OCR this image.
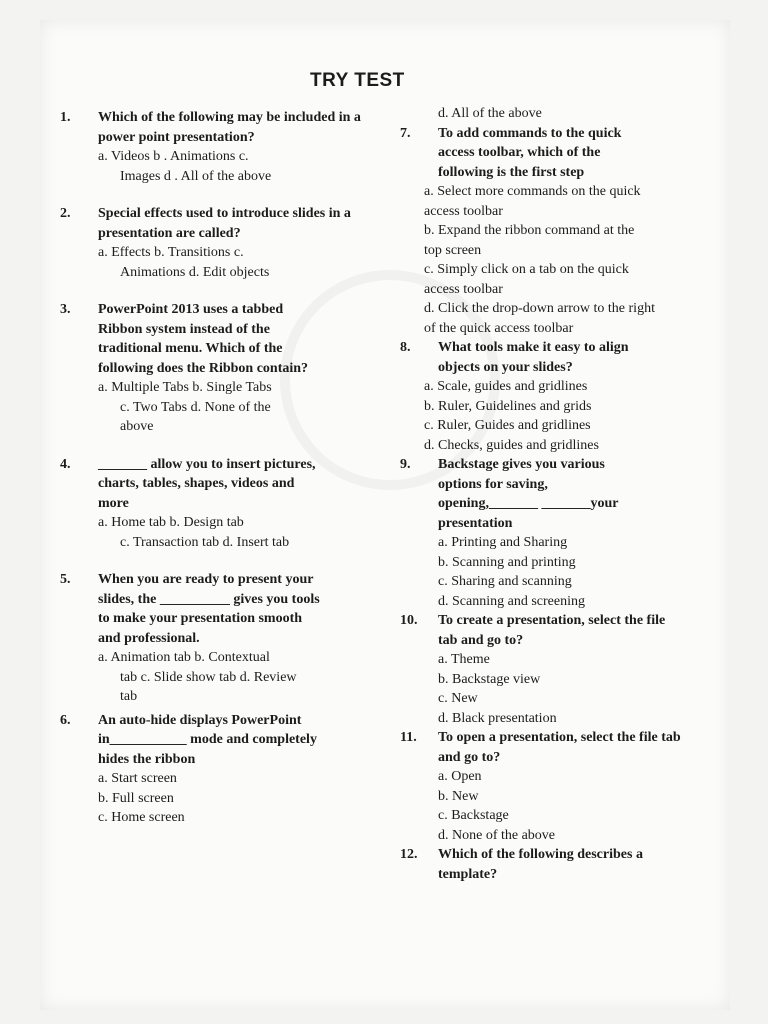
TRY TEST
1.	Which of the following may be included in a power point presentation?
a. Videos b . Animations c.
Images d . All of the above
2.	Special effects used to introduce slides in a presentation are called?
a. Effects b. Transitions c.
Animations d. Edit objects
3.	PowerPoint 2013 uses a tabbed Ribbon system instead of the traditional menu. Which of the following does the Ribbon contain?
a. Multiple Tabs b. Single Tabs
c. Two Tabs d. None of the
above
4.	_______ allow you to insert pictures, charts, tables, shapes, videos and more
a. Home tab b. Design tab
c. Transaction tab d. Insert tab
5.	When you are ready to present your slides, the __________ gives you tools to make your presentation smooth and professional.
a. Animation tab b. Contextual
tab c. Slide show tab d. Review
tab
6.	An auto-hide displays PowerPoint in___________ mode and completely hides the ribbon
a. Start screen
b. Full screen
c. Home screen
d. All of the above
7.	To add commands to the quick access toolbar, which of the following is the first step
a. Select more commands on the quick access toolbar
b. Expand the ribbon command at the top screen
c. Simply click on a tab on the quick access toolbar
d. Click the drop-down arrow to the right of the quick access toolbar
8.	What tools make it easy to align objects on your slides?
a. Scale, guides and gridlines
b. Ruler, Guidelines and grids
c. Ruler, Guides and gridlines
d. Checks, guides and gridlines
9.	Backstage gives you various options for saving, opening,_______ _______your presentation
a. Printing and Sharing
b. Scanning and printing
c. Sharing and scanning
d. Scanning and screening
10.	To create a presentation, select the file tab and go to?
a. Theme
b. Backstage view
c. New
d. Black presentation
11.	To open a presentation, select the file tab and go to?
a. Open
b. New
c. Backstage
d. None of the above
12.	Which of the following describes a template?
